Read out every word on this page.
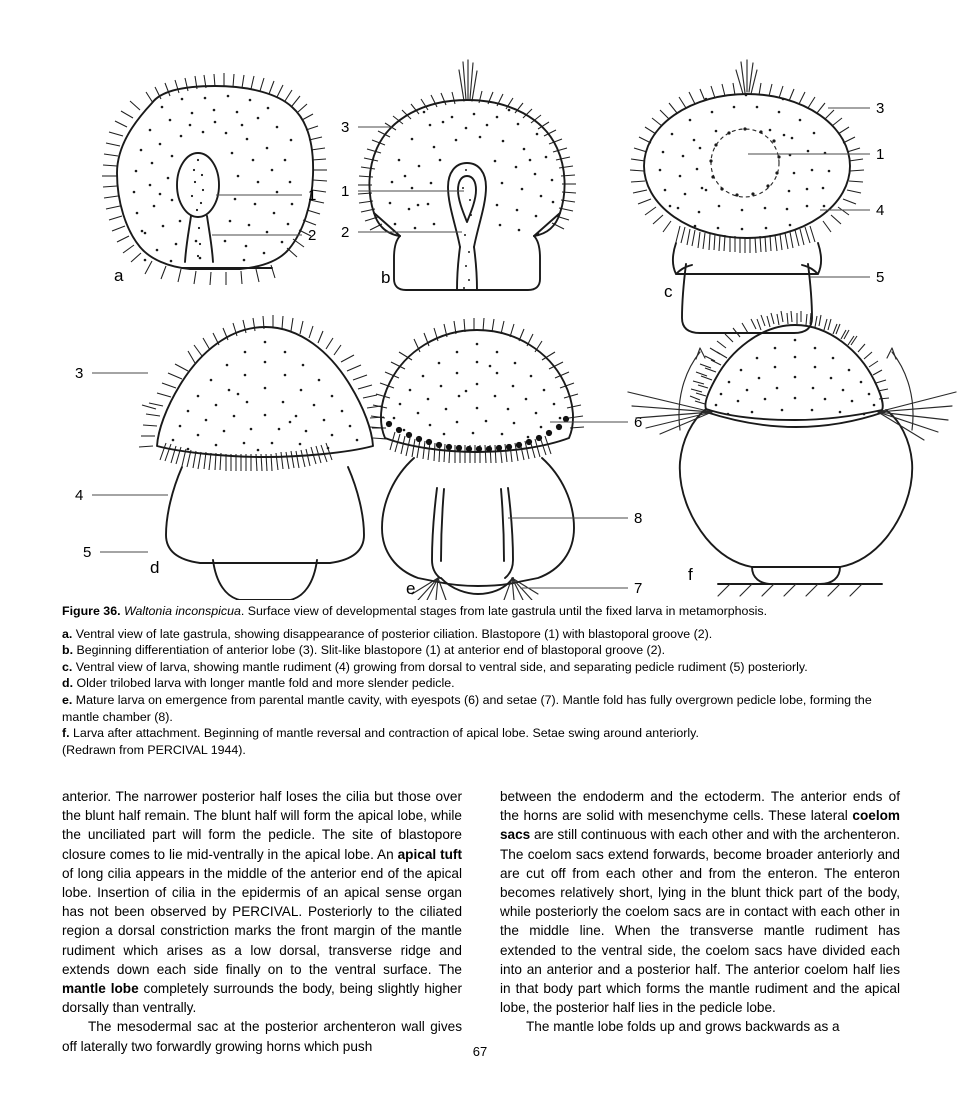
1
2
a
3
1
2
b
3
1
4
5
c
3
4
5
d
6
8
7
e
f
Figure 36. Waltonia inconspicua. Surface view of developmental stages from late gastrula until the fixed larva in metamorphosis.
a. Ventral view of late gastrula, showing disappearance of posterior ciliation. Blastopore (1) with blastoporal groove (2).
b. Beginning differentiation of anterior lobe (3). Slit-like blastopore (1) at anterior end of blastoporal groove (2).
c. Ventral view of larva, showing mantle rudiment (4) growing from dorsal to ventral side, and separating pedicle rudiment (5) posteriorly.
d. Older trilobed larva with longer mantle fold and more slender pedicle.
e. Mature larva on emergence from parental mantle cavity, with eyespots (6) and setae (7). Mantle fold has fully overgrown pedicle lobe, forming the mantle chamber (8).
f. Larva after attachment. Beginning of mantle reversal and contraction of apical lobe. Setae swing around anteriorly.
(Redrawn from PERCIVAL 1944).

anterior. The narrower posterior half loses the cilia but those over the blunt half remain. The blunt half will form the apical lobe, while the unciliated part will form the pedicle. The site of blastopore closure comes to lie mid-ventrally in the apical lobe. An apical tuft of long cilia appears in the middle of the anterior end of the apical lobe. Insertion of cilia in the epidermis of an apical sense organ has not been observed by PERCIVAL. Posteriorly to the ciliated region a dorsal constriction marks the front margin of the mantle rudiment which arises as a low dorsal, transverse ridge and extends down each side finally on to the ventral surface. The mantle lobe completely surrounds the body, being slightly higher dorsally than ventrally.

The mesodermal sac at the posterior archenteron wall gives off laterally two forwardly growing horns which push

between the endoderm and the ectoderm. The anterior ends of the horns are solid with mesenchyme cells. These lateral coelom sacs are still continuous with each other and with the archenteron. The coelom sacs extend forwards, become broader anteriorly and are cut off from each other and from the enteron. The enteron becomes relatively short, lying in the blunt thick part of the body, while posteriorly the coelom sacs are in contact with each other in the middle line. When the transverse mantle rudiment has extended to the ventral side, the coelom sacs have divided each into an anterior and a posterior half. The anterior coelom half lies in that body part which forms the mantle rudiment and the apical lobe, the posterior half lies in the pedicle lobe.

The mantle lobe folds up and grows backwards as a

67
